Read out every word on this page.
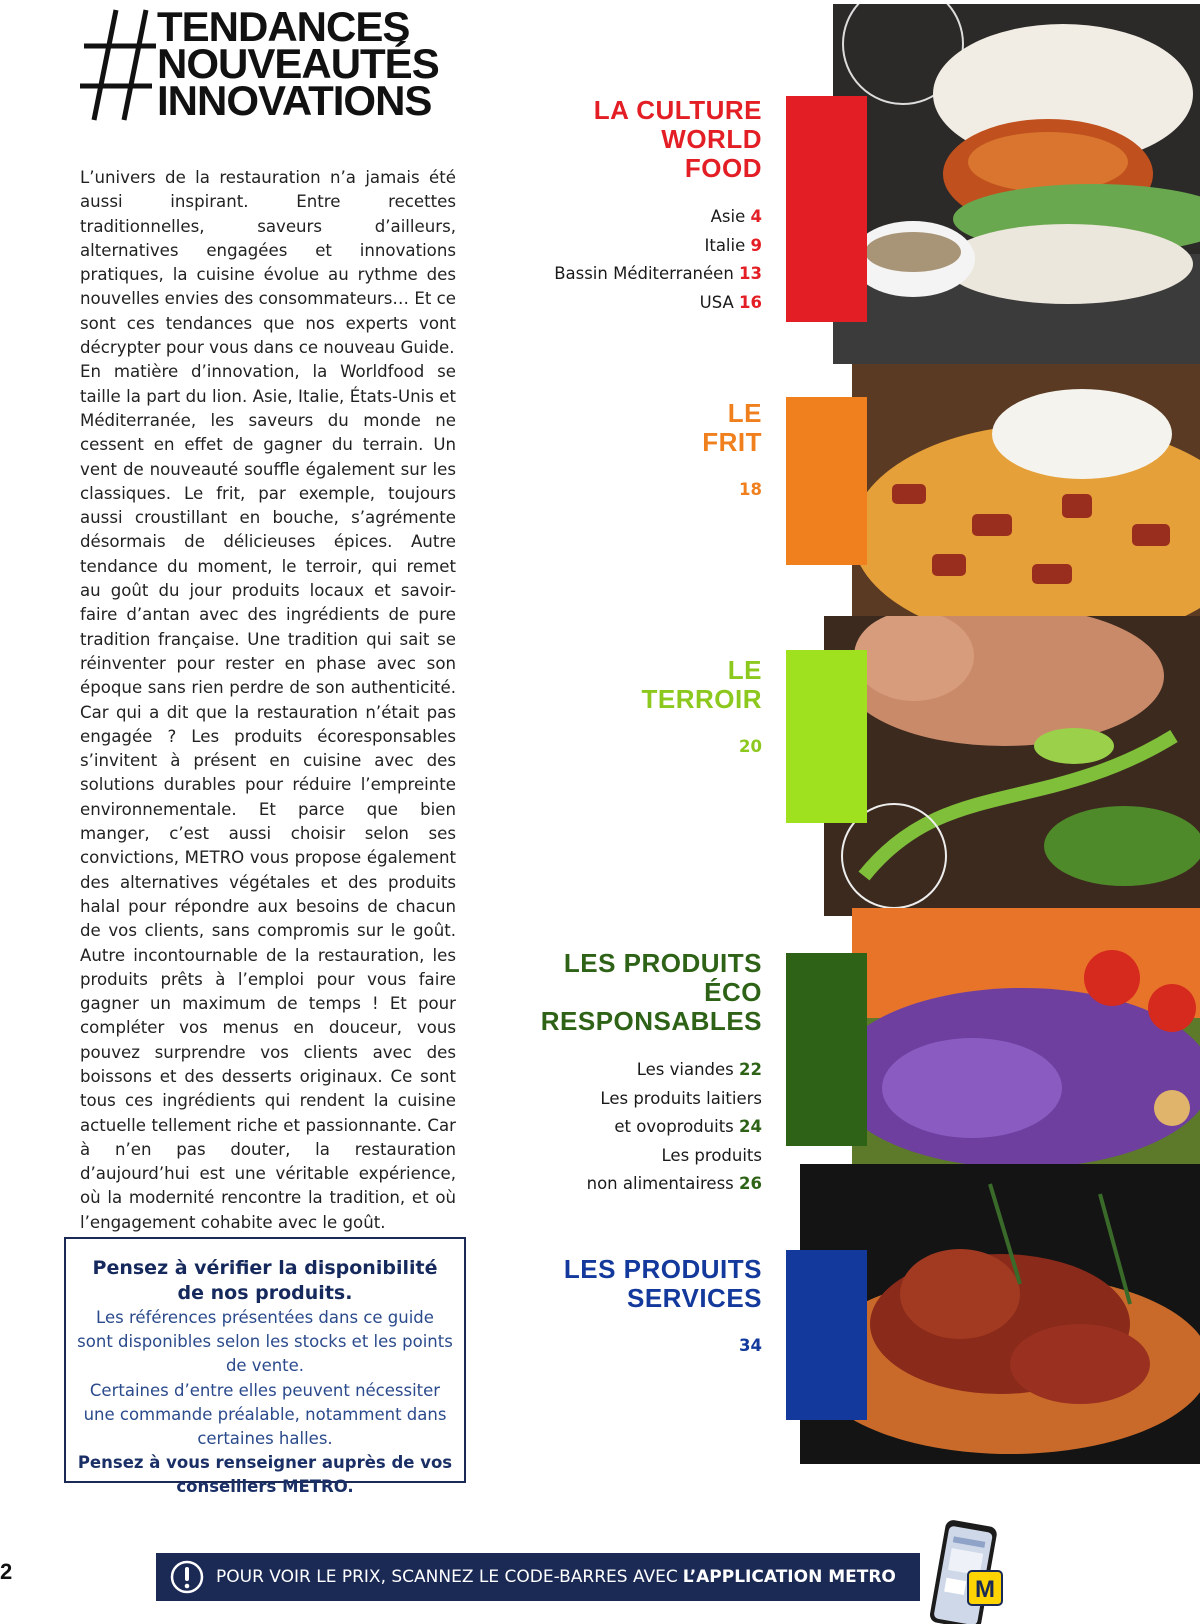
TENDANCES
NOUVEAUTÉS
INNOVATIONS

L’univers de la restauration n’a jamais été aussi inspirant. Entre recettes traditionnelles, saveurs d’ailleurs, alternatives engagées et innovations pratiques, la cuisine évolue au rythme des nouvelles envies des consommateurs… Et ce sont ces tendances que nos experts vont décrypter pour vous dans ce nouveau Guide.

En matière d’innovation, la Worldfood se taille la part du lion. Asie, Italie, États-Unis et Méditerranée, les saveurs du monde ne cessent en effet de gagner du terrain. Un vent de nouveauté souffle également sur les classiques. Le frit, par exemple, toujours aussi croustillant en bouche, s’agrémente désormais de délicieuses épices. Autre tendance du moment, le terroir, qui remet au goût du jour produits locaux et savoir-faire d’antan avec des ingrédients de pure tradition française. Une tradition qui sait se réinventer pour rester en phase avec son époque sans rien perdre de son authenticité. Car qui a dit que la restauration n’était pas engagée ? Les produits écoresponsables s’invitent à présent en cuisine avec des solutions durables pour réduire l’empreinte environnementale. Et parce que bien manger, c’est aussi choisir selon ses convictions, METRO vous propose également des alternatives végétales et des produits halal pour répondre aux besoins de chacun de vos clients, sans compromis sur le goût. Autre incontournable de la restauration, les produits prêts à l’emploi pour vous faire gagner un maximum de temps ! Et pour compléter vos menus en douceur, vous pouvez surprendre vos clients avec des boissons et des desserts originaux. Ce sont tous ces ingrédients qui rendent la cuisine actuelle tellement riche et passionnante. Car à n’en pas douter, la restauration d’aujourd’hui est une véritable expérience, où la modernité rencontre la tradition, et où l’engagement cohabite avec le goût.

Pensez à vérifier la disponibilité de nos produits.
Les références présentées dans ce guide sont disponibles selon les stocks et les points de vente.
Certaines d’entre elles peuvent nécessiter une commande préalable, notamment dans certaines halles.
Pensez à vous renseigner auprès de vos conseillers METRO.
LA CULTURE
WORLD
FOOD
Asie 4
Italie 9
Bassin Méditerranéen 13
USA 16
LE
FRIT
18
LE
TERROIR
20
LES PRODUITS
ÉCO
RESPONSABLES
Les viandes 22
Les produits laitiers
et ovoproduits 24
Les produits
non alimentairess 26
LES PRODUITS
SERVICES
34
2	POUR VOIR LE PRIX, SCANNEZ LE CODE-BARRES AVEC L’APPLICATION METRO	M
